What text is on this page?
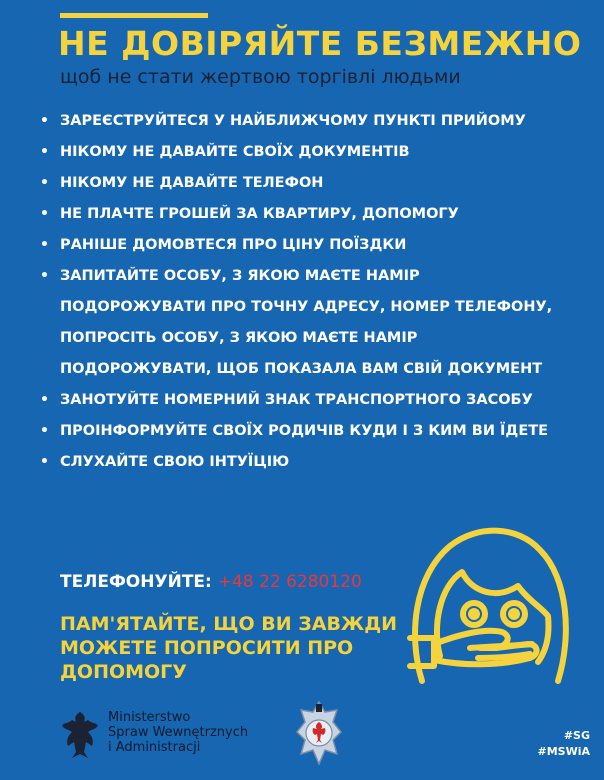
НЕ ДОВІРЯЙТЕ БЕЗМЕЖНО
щоб не стати жертвою торгівлі людьми
• ЗАРЕЄСТРУЙТЕСЯ У НАЙБЛИЖЧОМУ ПУНКТІ ПРИЙОМУ
• НІКОМУ НЕ ДАВАЙТЕ СВОЇХ ДОКУМЕНТІВ
• НІКОМУ НЕ ДАВАЙТЕ ТЕЛЕФОН
• НЕ ПЛАЧТЕ ГРОШЕЙ ЗА КВАРТИРУ, ДОПОМОГУ
• РАНІШЕ ДОМОВТЕСЯ ПРО ЦІНУ ПОЇЗДКИ
• ЗАПИТАЙТЕ ОСОБУ, З ЯКОЮ МАЄТЕ НАМІР ПОДОРОЖУВАТИ ПРО ТОЧНУ АДРЕСУ, НОМЕР ТЕЛЕФОНУ, ПОПРОСІТЬ ОСОБУ, З ЯКОЮ МАЄТЕ НАМІР ПОДОРОЖУВАТИ, ЩОБ ПОКАЗАЛА ВАМ СВІЙ ДОКУМЕНТ
• ЗАНОТУЙТЕ НОМЕРНИЙ ЗНАК ТРАНСПОРТНОГО ЗАСОБУ
• ПРОІНФОРМУЙТЕ СВОЇХ РОДИЧІВ КУДИ І З КИМ ВИ ЇДЕТЕ
• СЛУХАЙТЕ СВОЮ ІНТУЇЦІЮ
ТЕЛЕФОНУЙТЕ: +48 22 6280120
ПАМ'ЯТАЙТЕ, ЩО ВИ ЗАВЖДИ МОЖЕТЕ ПОПРОСИТИ ПРО ДОПОМОГУ
Ministerstwo
Spraw Wewnętrznych
i Administracji
#SG
#MSWiA
